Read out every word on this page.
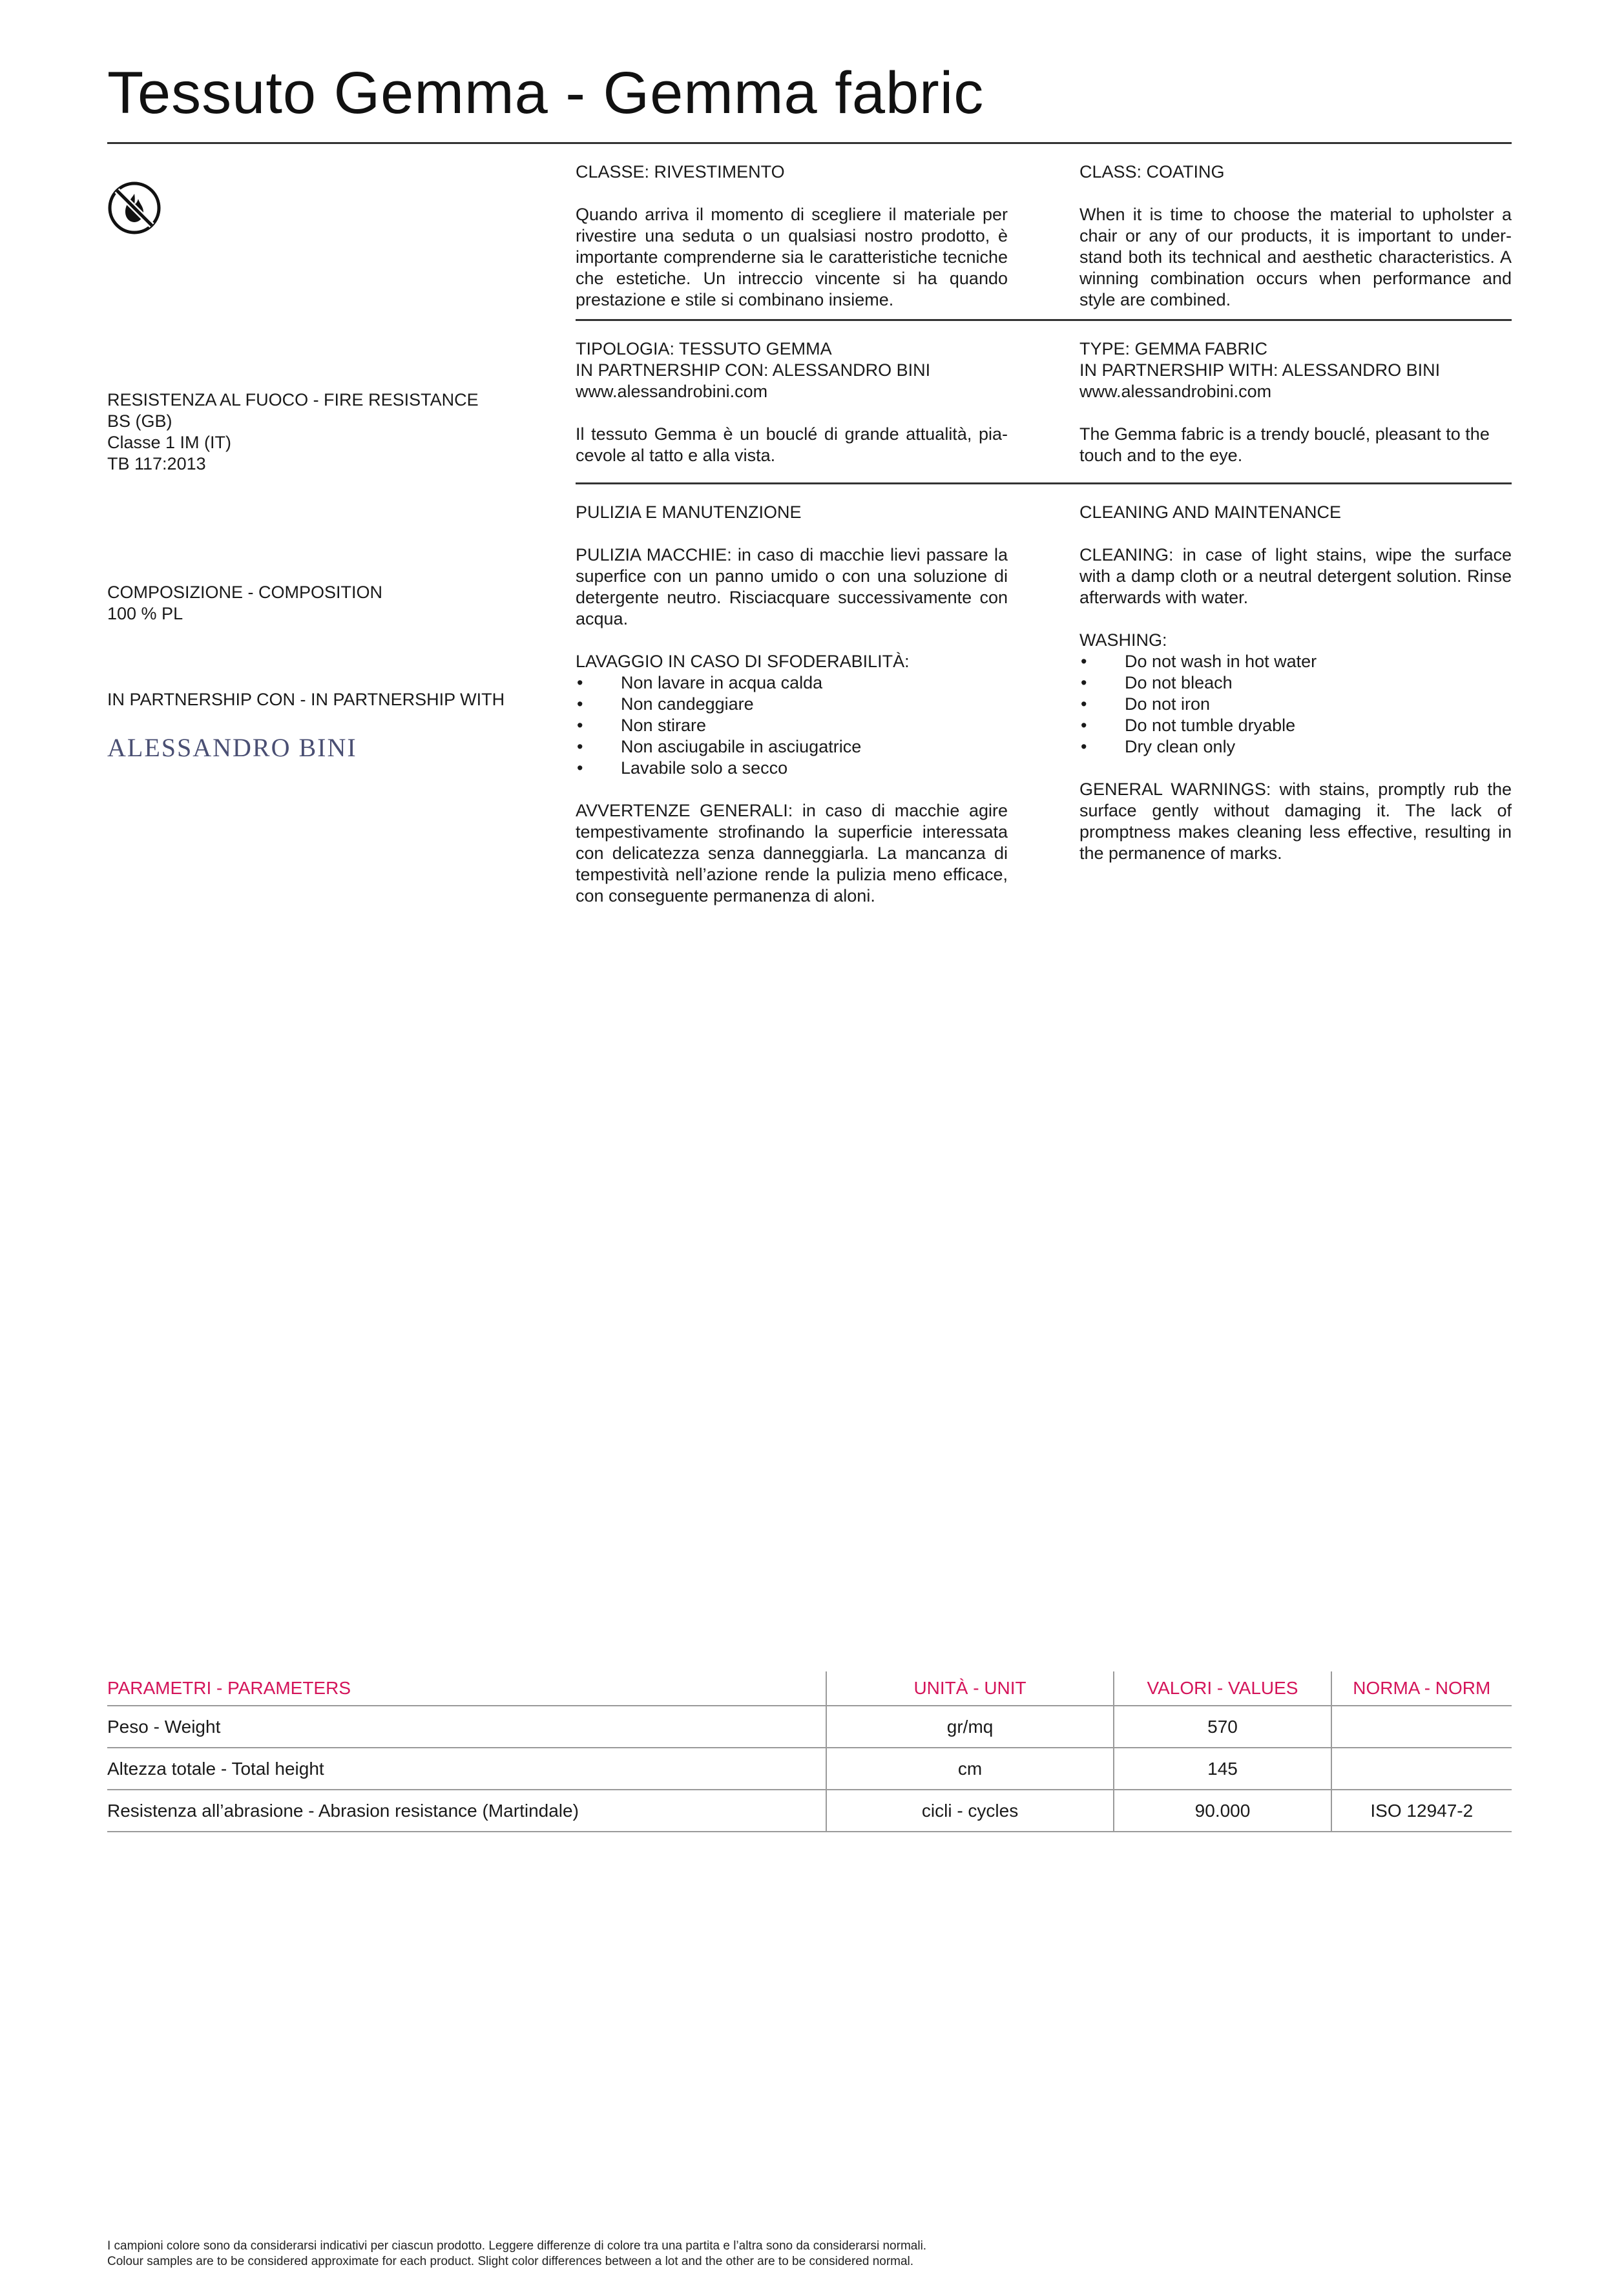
Tessuto Gemma - Gemma fabric
RESISTENZA AL FUOCO - FIRE RESISTANCE
BS (GB)
Classe 1 IM (IT)
TB 117:2013
COMPOSIZIONE - COMPOSITION
100 % PL
IN PARTNERSHIP CON - IN PARTNERSHIP WITH
ALESSANDRO BINI

CLASSE: RIVESTIMENTO

Quando arriva il momento di scegliere il materiale per rivestire una seduta o un qualsiasi nostro prodotto, è importante comprenderne sia le caratteristiche tecniche che estetiche. Un intreccio vincente si ha quando prestazione e stile si combinano insieme.

CLASS: COATING

When it is time to choose the material to upholster a chair or any of our products, it is important to understand both its technical and aesthetic characteristics. A winning combination occurs when performance and style are combined.

TIPOLOGIA: TESSUTO GEMMA

IN PARTNERSHIP CON: ALESSANDRO BINI

www.alessandrobini.com

Il tessuto Gemma è un bouclé di grande attualità, piacevole al tatto e alla vista.

TYPE: GEMMA FABRIC

IN PARTNERSHIP WITH: ALESSANDRO BINI

www.alessandrobini.com

The Gemma fabric is a trendy bouclé, pleasant to the touch and to the eye.

PULIZIA E MANUTENZIONE

PULIZIA MACCHIE: in caso di macchie lievi passare la superfice con un panno umido o con una soluzione di detergente neutro. Risciacquare successivamente con acqua.

LAVAGGIO IN CASO DI SFODERABILITÀ:

• Non lavare in acqua calda
• Non candeggiare
• Non stirare
• Non asciugabile in asciugatrice
• Lavabile solo a secco

AVVERTENZE GENERALI: in caso di macchie agire tempestivamente strofinando la superficie interessata con delicatezza senza danneggiarla. La mancanza di tempestività nell’azione rende la pulizia meno efficace, con conseguente permanenza di aloni.

CLEANING AND MAINTENANCE

CLEANING: in case of light stains, wipe the surface with a damp cloth or a neutral detergent solution. Rinse afterwards with water.

WASHING:

• Do not wash in hot water
• Do not bleach
• Do not iron
• Do not tumble dryable
• Dry clean only

GENERAL WARNINGS: with stains, promptly rub the surface gently without damaging it. The lack of promptness makes cleaning less effective, resulting in the permanence of marks.

PARAMETRI - PARAMETERS	UNITÀ - UNIT	VALORI - VALUES	NORMA - NORM
Peso - Weight	gr/mq	570	
Altezza totale - Total height	cm	145	
Resistenza all’abrasione - Abrasion resistance (Martindale)	cicli - cycles	90.000	ISO 12947-2
I campioni colore sono da considerarsi indicativi per ciascun prodotto. Leggere differenze di colore tra una partita e l’altra sono da considerarsi normali.
Colour samples are to be considered approximate for each product. Slight color differences between a lot and the other are to be considered normal.
